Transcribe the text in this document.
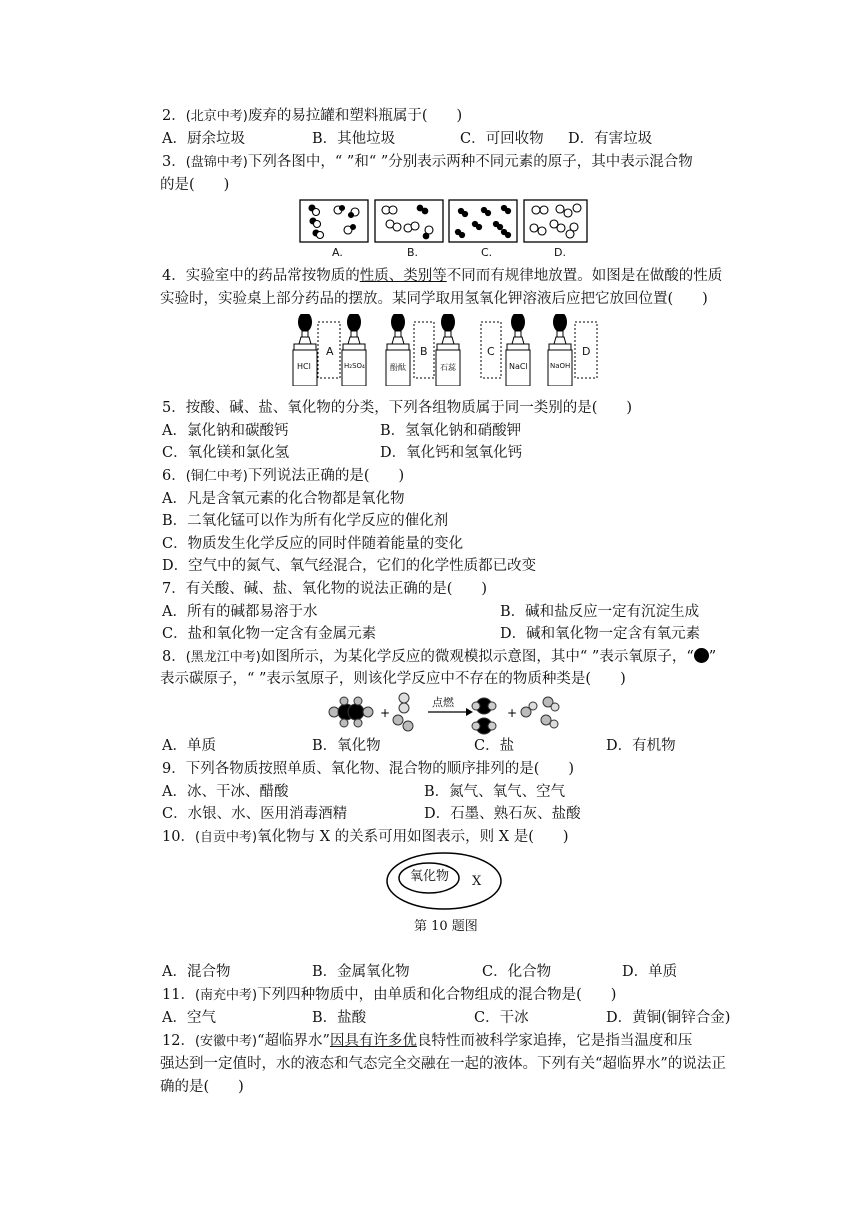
2．(北京中考)废弃的易拉罐和塑料瓶属于(　　)
A．厨余垃圾	B．其他垃圾	C．可回收物 D．有害垃圾
3．(盘锦中考)下列各图中，“ ”和“ ”分别表示两种不同元素的原子，其中表示混合物
的是(　　)
A.	B.	C.	D.
4．实验室中的药品常按物质的性质、类别等不同而有规律地放置。如图是在做酸的性质
实验时，实验桌上部分药品的摆放。某同学取用氢氧化钾溶液后应把它放回位置(　　)
HCl	H₂SO₄	酚酞	石蕊	NaCl	NaOH
A	B	C	D
5．按酸、碱、盐、氧化物的分类，下列各组物质属于同一类别的是(　　)
A．氯化钠和碳酸钙	B．氢氧化钠和硝酸钾
C．氧化镁和氯化氢	D．氧化钙和氢氧化钙
6．(铜仁中考)下列说法正确的是(　　)
A．凡是含氧元素的化合物都是氧化物
B．二氧化锰可以作为所有化学反应的催化剂
C．物质发生化学反应的同时伴随着能量的变化
D．空气中的氮气、氧气经混合，它们的化学性质都已改变
7．有关酸、碱、盐、氧化物的说法正确的是(　　)
A．所有的碱都易溶于水	B．碱和盐反应一定有沉淀生成
C．盐和氧化物一定含有金属元素	D．碱和氧化物一定含有氧元素
8．(黑龙江中考)如图所示，为某化学反应的微观模拟示意图，其中“ ”表示氧原子，“ ”
表示碳原子，“ ”表示氢原子，则该化学反应中不存在的物质种类是(　　)
+	+
点燃
A．单质	B．氧化物	C．盐	D．有机物
9．下列各物质按照单质、氧化物、混合物的顺序排列的是(　　)
A．冰、干冰、醋酸	B．氮气、氧气、空气
C．水银、水、医用消毒酒精	D．石墨、熟石灰、盐酸
10．(自贡中考)氧化物与 X 的关系可用如图表示，则 X 是(　　)
氧化物 X
第 10 题图
A．混合物	B．金属氧化物	C．化合物	D．单质
11．(南充中考)下列四种物质中，由单质和化合物组成的混合物是(　　)
A．空气	B．盐酸	C．干冰	D．黄铜(铜锌合金)
12．(安徽中考)“超临界水”因具有许多优良特性而被科学家追捧，它是指当温度和压
强达到一定值时，水的液态和气态完全交融在一起的液体。下列有关“超临界水”的说法正
确的是(　　)
